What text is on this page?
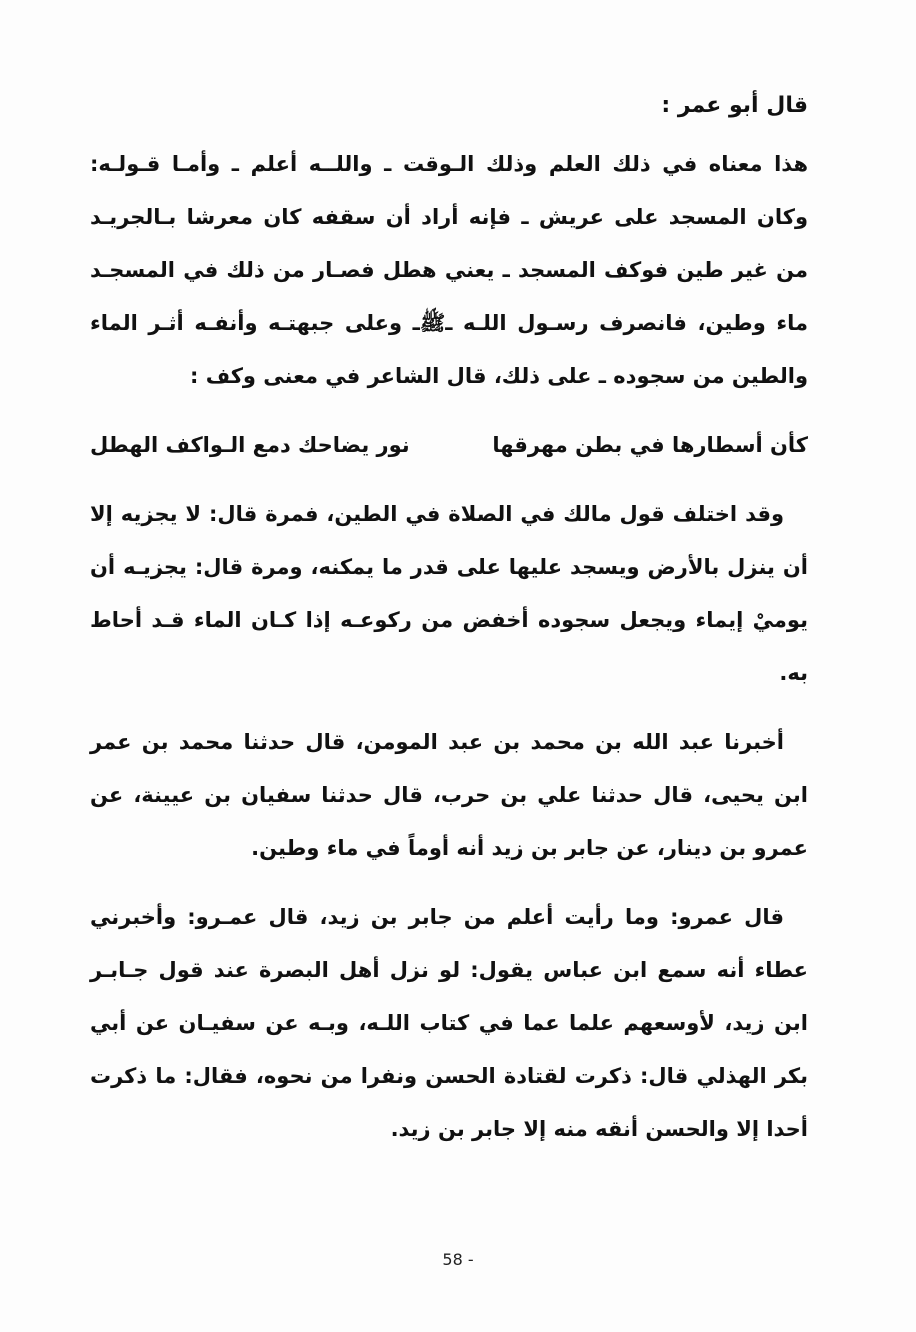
قال أبو عمر :

هذا معناه في ذلك العلم وذلك الـوقت ـ واللــه أعلم ـ وأمـا قـولـه: وكان المسجد على عريش ـ فإنه أراد أن سقفه كان معرشا بـالجريـد من غير طين فوكف المسجد ـ يعني هطل فصـار من ذلك في المسجـد ماء وطين، فانصرف رسـول اللـه ـﷺـ وعلى جبهتـه وأنفـه أثـر الماء والطين من سجوده ـ على ذلك، قال الشاعر في معنى وكف :

كأن أسطارها في بطن مهرقها
نور يضاحك دمع الـواكف الهطل

وقد اختلف قول مالك في الصلاة في الطين، فمرة قال: لا يجزيه إلا أن ينزل بالأرض ويسجد عليها على قدر ما يمكنه، ومرة قال: يجزيـه أن يوميْ إيماء ويجعل سجوده أخفض من ركوعـه إذا كـان الماء قـد أحاط به.

أخبرنا عبد الله بن محمد بن عبد المومن، قال حدثنا محمد بن عمر ابن يحيى، قال حدثنا علي بن حرب، قال حدثنا سفيان بن عيينة، عن عمرو بن دينار، عن جابر بن زيد أنه أوماً في ماء وطين.

قال عمرو: وما رأيت أعلم من جابر بن زيد، قال عمـرو: وأخبرني عطاء أنه سمع ابن عباس يقول: لو نزل أهل البصرة عند قول جـابـر ابن زيد، لأوسعهم علما عما في كتاب اللـه، وبـه عن سفيـان عن أبي بكر الهذلي قال: ذكرت لقتادة الحسن ونفرا من نحوه، فقال: ما ذكرت أحدا إلا والحسن أنقه منه إلا جابر بن زيد.

58 -
